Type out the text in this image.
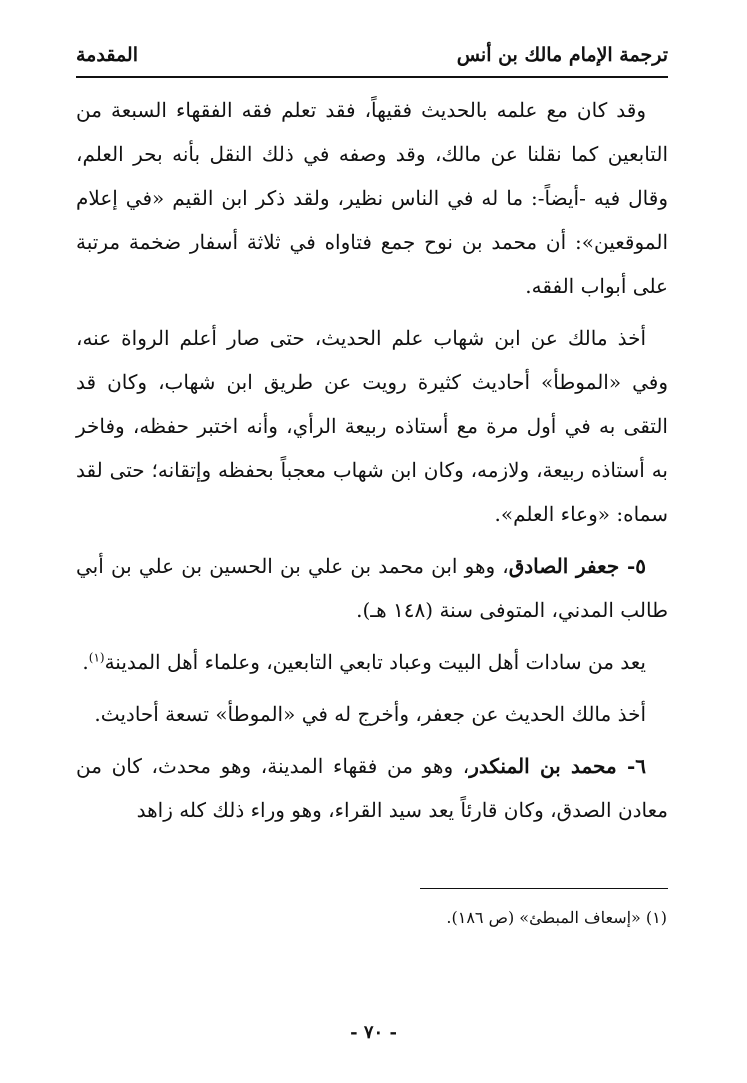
ترجمة الإمام مالك بن أنس
المقدمة

وقد كان مع علمه بالحديث فقيهاً، فقد تعلم فقه الفقهاء السبعة من التابعين كما نقلنا عن مالك، وقد وصفه في ذلك النقل بأنه بحر العلم، وقال فيه -أيضاً-: ما له في الناس نظير، ولقد ذكر ابن القيم «في إعلام الموقعين»: أن محمد بن نوح جمع فتاواه في ثلاثة أسفار ضخمة مرتبة على أبواب الفقه.

أخذ مالك عن ابن شهاب علم الحديث، حتى صار أعلم الرواة عنه، وفي «الموطأ» أحاديث كثيرة رويت عن طريق ابن شهاب، وكان قد التقى به في أول مرة مع أستاذه ربيعة الرأي، وأنه اختبر حفظه، وفاخر به أستاذه ربيعة، ولازمه، وكان ابن شهاب معجباً بحفظه وإتقانه؛ حتى لقد سماه: «وعاء العلم».

٥- جعفر الصادق، وهو ابن محمد بن علي بن الحسين بن علي بن أبي طالب المدني، المتوفى سنة (١٤٨ هـ).

يعد من سادات أهل البيت وعباد تابعي التابعين، وعلماء أهل المدينة$^{(١)}$.

أخذ مالك الحديث عن جعفر، وأخرج له في «الموطأ» تسعة أحاديث.

٦- محمد بن المنكدر، وهو من فقهاء المدينة، وهو محدث، كان من معادن الصدق، وكان قارئاً يعد سيد القراء، وهو وراء ذلك كله زاهد

(١) «إسعاف المبطئ» (ص ١٨٦).
- ٧٠ -
